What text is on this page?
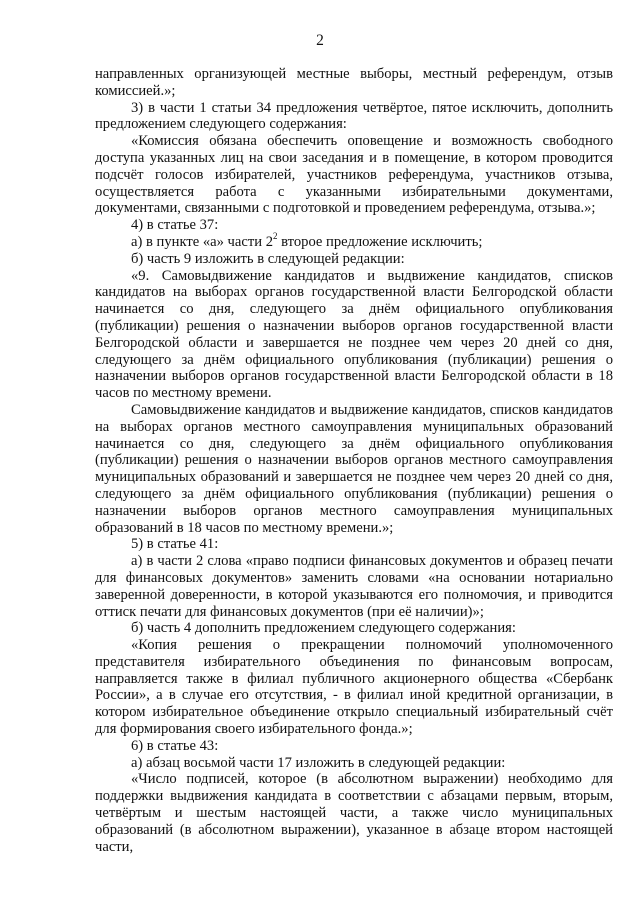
2

направленных организующей местные выборы, местный референдум, отзыв комиссией.»;

3) в части 1 статьи 34 предложения четвёртое, пятое исключить, дополнить предложением следующего содержания:

«Комиссия обязана обеспечить оповещение и возможность свободного доступа указанных лиц на свои заседания и в помещение, в котором проводится подсчёт голосов избирателей, участников референдума, участников отзыва, осуществляется работа с указанными избирательными документами, документами, связанными с подготовкой и проведением референдума, отзыва.»;

4) в статье 37:

а) в пункте «а» части $2^2$ второе предложение исключить;

б) часть 9 изложить в следующей редакции:

«9. Самовыдвижение кандидатов и выдвижение кандидатов, списков кандидатов на выборах органов государственной власти Белгородской области начинается со дня, следующего за днём официального опубликования (публикации) решения о назначении выборов органов государственной власти Белгородской области и завершается не позднее чем через 20 дней со дня, следующего за днём официального опубликования (публикации) решения о назначении выборов органов государственной власти Белгородской области в 18 часов по местному времени.

Самовыдвижение кандидатов и выдвижение кандидатов, списков кандидатов на выборах органов местного самоуправления муниципальных образований начинается со дня, следующего за днём официального опубликования (публикации) решения о назначении выборов органов местного самоуправления муниципальных образований и завершается не позднее чем через 20 дней со дня, следующего за днём официального опубликования (публикации) решения о назначении выборов органов местного самоуправления муниципальных образований в 18 часов по местному времени.»;

5) в статье 41:

а) в части 2 слова «право подписи финансовых документов и образец печати для финансовых документов» заменить словами «на основании нотариально заверенной доверенности, в которой указываются его полномочия, и приводится оттиск печати для финансовых документов (при её наличии)»;

б) часть 4 дополнить предложением следующего содержания:

«Копия решения о прекращении полномочий уполномоченного представителя избирательного объединения по финансовым вопросам, направляется также в филиал публичного акционерного общества «Сбербанк России», а в случае его отсутствия, - в филиал иной кредитной организации, в котором избирательное объединение открыло специальный избирательный счёт для формирования своего избирательного фонда.»;

6) в статье 43:

а) абзац восьмой части 17 изложить в следующей редакции:

«Число подписей, которое (в абсолютном выражении) необходимо для поддержки выдвижения кандидата в соответствии с абзацами первым, вторым, четвёртым и шестым настоящей части, а также число муниципальных образований (в абсолютном выражении), указанное в абзаце втором настоящей части,
